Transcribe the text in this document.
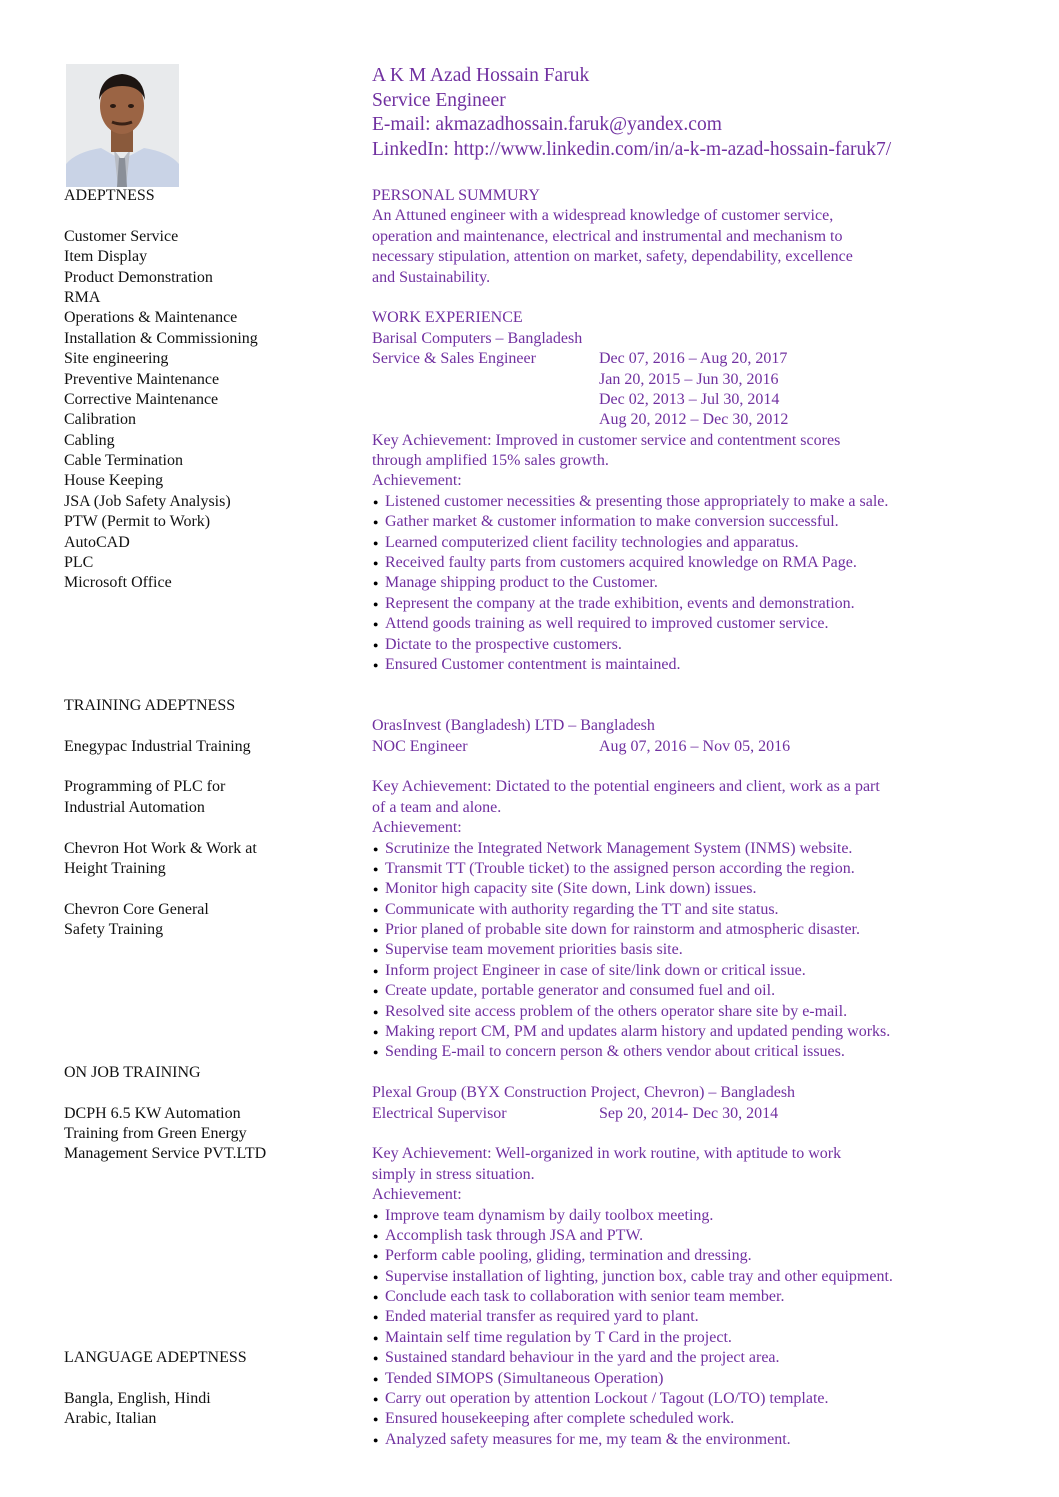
A K M Azad Hossain Faruk
Service Engineer
E-mail: akmazadhossain.faruk@yandex.com
LinkedIn: http://www.linkedin.com/in/a-k-m-azad-hossain-faruk7/
ADEPTNESS
Customer Service
Item Display
Product Demonstration
RMA
Operations & Maintenance
Installation & Commissioning
Site engineering
Preventive Maintenance
Corrective Maintenance
Calibration
Cabling
Cable Termination
House Keeping
JSA (Job Safety Analysis)
PTW (Permit to Work)
AutoCAD
PLC
Microsoft Office
TRAINING ADEPTNESS
Enegypac Industrial Training
Programming of PLC for
Industrial Automation
Chevron Hot Work & Work at
Height Training
Chevron Core General
Safety Training
ON JOB TRAINING
DCPH 6.5 KW Automation
Training from Green Energy
Management Service PVT.LTD
LANGUAGE ADEPTNESS
Bangla, English, Hindi
Arabic, Italian
PERSONAL SUMMURY
An Attuned engineer with a widespread knowledge of customer service,
operation and maintenance, electrical and instrumental and mechanism to
necessary stipulation, attention on market, safety, dependability, excellence
and Sustainability.
WORK EXPERIENCE
Barisal Computers – Bangladesh
Service & Sales Engineer	Dec 07, 2016 – Aug 20, 2017
Jan 20, 2015 – Jun 30, 2016
Dec 02, 2013 – Jul 30, 2014
Aug 20, 2012 – Dec 30, 2012
Key Achievement: Improved in customer service and contentment scores
through amplified 15% sales growth.
Achievement:
● Listened customer necessities & presenting those appropriately to make a sale.
● Gather market & customer information to make conversion successful.
● Learned computerized client facility technologies and apparatus.
● Received faulty parts from customers acquired knowledge on RMA Page.
● Manage shipping product to the Customer.
● Represent the company at the trade exhibition, events and demonstration.
● Attend goods training as well required to improved customer service.
● Dictate to the prospective customers.
● Ensured Customer contentment is maintained.
OrasInvest (Bangladesh) LTD – Bangladesh
NOC Engineer	Aug 07, 2016 – Nov 05, 2016
Key Achievement: Dictated to the potential engineers and client, work as a part
of a team and alone.
Achievement:
● Scrutinize the Integrated Network Management System (INMS) website.
● Transmit TT (Trouble ticket) to the assigned person according the region.
● Monitor high capacity site (Site down, Link down) issues.
● Communicate with authority regarding the TT and site status.
● Prior planed of probable site down for rainstorm and atmospheric disaster.
● Supervise team movement priorities basis site.
● Inform project Engineer in case of site/link down or critical issue.
● Create update, portable generator and consumed fuel and oil.
● Resolved site access problem of the others operator share site by e-mail.
● Making report CM, PM and updates alarm history and updated pending works.
● Sending E-mail to concern person & others vendor about critical issues.
Plexal Group (BYX Construction Project, Chevron) – Bangladesh
Electrical Supervisor	Sep 20, 2014- Dec 30, 2014
Key Achievement: Well-organized in work routine, with aptitude to work
simply in stress situation.
Achievement:
● Improve team dynamism by daily toolbox meeting.
● Accomplish task through JSA and PTW.
● Perform cable pooling, gliding, termination and dressing.
● Supervise installation of lighting, junction box, cable tray and other equipment.
● Conclude each task to collaboration with senior team member.
● Ended material transfer as required yard to plant.
● Maintain self time regulation by T Card in the project.
● Sustained standard behaviour in the yard and the project area.
● Tended SIMOPS (Simultaneous Operation)
● Carry out operation by attention Lockout / Tagout (LO/TO) template.
● Ensured housekeeping after complete scheduled work.
● Analyzed safety measures for me, my team & the environment.
